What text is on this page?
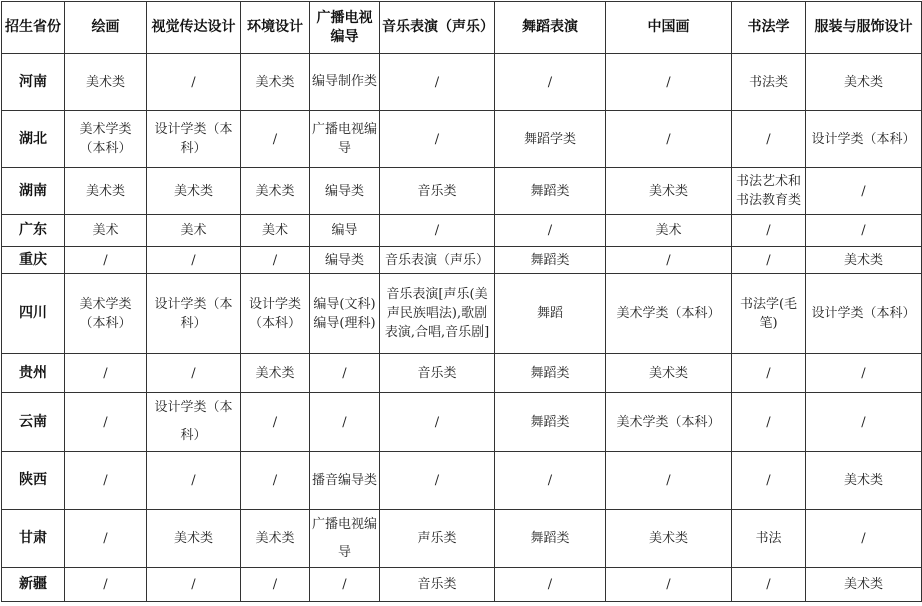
招生省份	绘画	视觉传达设计	环境设计	广播电视编导	音乐表演（声乐）	舞蹈表演	中国画	书法学	服装与服饰设计
河南	美术类	/	美术类	编导制作类	/	/	/	书法类	美术类
湖北	美术学类（本科）	设计学类（本科）	/	广播电视编导	/	舞蹈学类	/	/	设计学类（本科）
湖南	美术类	美术类	美术类	编导类	音乐类	舞蹈类	美术类	书法艺术和书法教育类	/
广东	美术	美术	美术	编导	/	/	美术	/	/
重庆	/	/	/	编导类	音乐表演（声乐）	舞蹈类	/	/	美术类
四川	美术学类（本科）	设计学类（本科）	设计学类（本科）	编导(文科)编导(理科)	音乐表演[声乐(美声民族唱法),歌剧表演,合唱,音乐剧]	舞蹈	美术学类（本科）	书法学(毛笔)	设计学类（本科）
贵州	/	/	美术类	/	音乐类	舞蹈类	美术类	/	/
云南	/	设计学类（本科）	/	/	/	舞蹈类	美术学类（本科）	/	/
陕西	/	/	/	播音编导类	/	/	/	/	美术类
甘肃	/	美术类	美术类	广播电视编导	声乐类	舞蹈类	美术类	书法	/
新疆	/	/	/	/	音乐类	/	/	/	美术类
